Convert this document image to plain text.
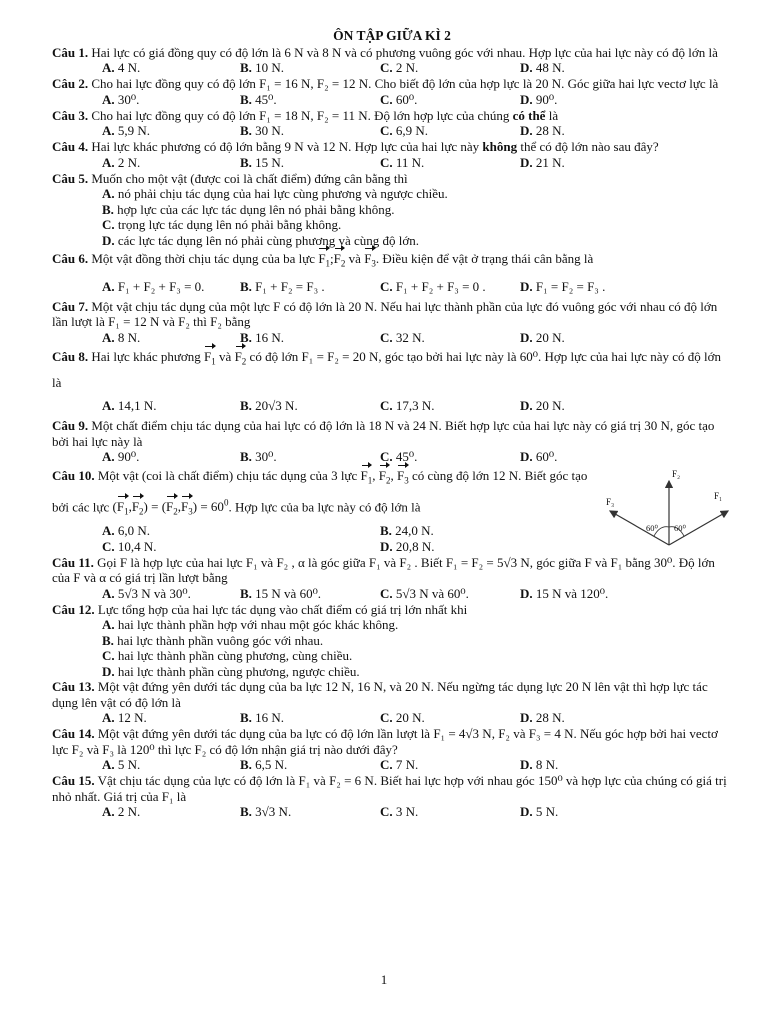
ÔN TẬP GIỮA KÌ 2

Câu 1. Hai lực có giá đồng quy có độ lớn là 6 N và 8 N và có phương vuông góc với nhau. Hợp lực của hai lực này có độ lớn là

A. 4 N.	B. 10 N.	C. 2 N.	D. 48 N.

Câu 2. Cho hai lực đồng quy có độ lớn F₁ = 16 N, F₂ = 12 N. Cho biết độ lớn của hợp lực là 20 N. Góc giữa hai lực vectơ lực là

A. 30⁰.	B. 45⁰.	C. 60⁰.	D. 90⁰.

Câu 3. Cho hai lực đồng quy có độ lớn F₁ = 18 N, F₂ = 11 N. Độ lớn hợp lực của chúng có thể là

A. 5,9 N.	B. 30 N.	C. 6,9 N.	D. 28 N.

Câu 4. Hai lực khác phương có độ lớn bằng 9 N và 12 N. Hợp lực của hai lực này không thể có độ lớn nào sau đây?

A. 2 N.	B. 15 N.	C. 11 N.	D. 21 N.

Câu 5. Muốn cho một vật (được coi là chất điểm) đứng cân bằng thì

A. nó phải chịu tác dụng của hai lực cùng phương và ngược chiều.

B. hợp lực của các lực tác dụng lên nó phải bằng không.

C. trọng lực tác dụng lên nó phải bằng không.

D. các lực tác dụng lên nó phải cùng phương và cùng độ lớn.

Câu 6. Một vật đồng thời chịu tác dụng của ba lực $F_1;F_2$ và $F_3$. Điều kiện để vật ở trạng thái cân bằng là

A. F₁ + F₂ + F₃ = 0.	B. F₁ + F₂ = F₃ .	C. F₁ + F₂ + F₃ = 0 .	D. F₁ = F₂ = F₃ .

Câu 7. Một vật chịu tác dụng của một lực F có độ lớn là 20 N. Nếu hai lực thành phần của lực đó vuông góc với nhau có độ lớn lần lượt là F₁ = 12 N và F₂ thì F₂ bằng

A. 8 N.	B. 16 N.	C. 32 N.	D. 20 N.

Câu 8. Hai lực khác phương $F_1$ và $F_2$ có độ lớn F₁ = F₂ = 20 N, góc tạo bởi hai lực này là 60⁰. Hợp lực của hai lực này có độ lớn là

A. 14,1 N.	B. 20√3 N.	C. 17,3 N.	D. 20 N.

Câu 9. Một chất điểm chịu tác dụng của hai lực có độ lớn là 18 N và 24 N. Biết hợp lực của hai lực này có giá trị 30 N, góc tạo bởi hai lực này là

A. 90⁰.	B. 30⁰.	C. 45⁰.	D. 60⁰.

Câu 10. Một vật (coi là chất điểm) chịu tác dụng của 3 lực $F_1$, $F_2$, $F_3$ có cùng độ lớn 12 N. Biết góc tạo bởi các lực $(F_1,F_2) = (F_2,F_3) = 60^0$. Hợp lực của ba lực này có độ lớn là

A. 6,0 N.	B. 24,0 N.
C. 10,4 N.	D. 20,8 N.
F₂
F₃
F₁
60⁰ 60⁰

Câu 11. Gọi F là hợp lực của hai lực F₁ và F₂ , α là góc giữa F₁ và F₂ . Biết F₁ = F₂ = 5√3 N, góc giữa F và F₁ bằng 30⁰. Độ lớn của F và α có giá trị lần lượt bằng

A. 5√3 N và 30⁰.	B. 15 N và 60⁰.	C. 5√3 N và 60⁰.	D. 15 N và 120⁰.

Câu 12. Lực tổng hợp của hai lực tác dụng vào chất điểm có giá trị lớn nhất khi

A. hai lực thành phần hợp với nhau một góc khác không.

B. hai lực thành phần vuông góc với nhau.

C. hai lực thành phần cùng phương, cùng chiều.

D. hai lực thành phần cùng phương, ngược chiều.

Câu 13. Một vật đứng yên dưới tác dụng của ba lực 12 N, 16 N, và 20 N. Nếu ngừng tác dụng lực 20 N lên vật thì hợp lực tác dụng lên vật có độ lớn là

A. 12 N.	B. 16 N.	C. 20 N.	D. 28 N.

Câu 14. Một vật đứng yên dưới tác dụng của ba lực có độ lớn lần lượt là F₁ = 4√3 N, F₂ và F₃ = 4 N. Nếu góc hợp bởi hai vectơ lực F₂ và F₃ là 120⁰ thì lực F₂ có độ lớn nhận giá trị nào dưới đây?

A. 5 N.	B. 6,5 N.	C. 7 N.	D. 8 N.

Câu 15. Vật chịu tác dụng của lực có độ lớn là F₁ và F₂ = 6 N. Biết hai lực hợp với nhau góc 150⁰ và hợp lực của chúng có giá trị nhỏ nhất. Giá trị của F₁ là

A. 2 N.	B. 3√3 N.	C. 3 N.	D. 5 N.
1
